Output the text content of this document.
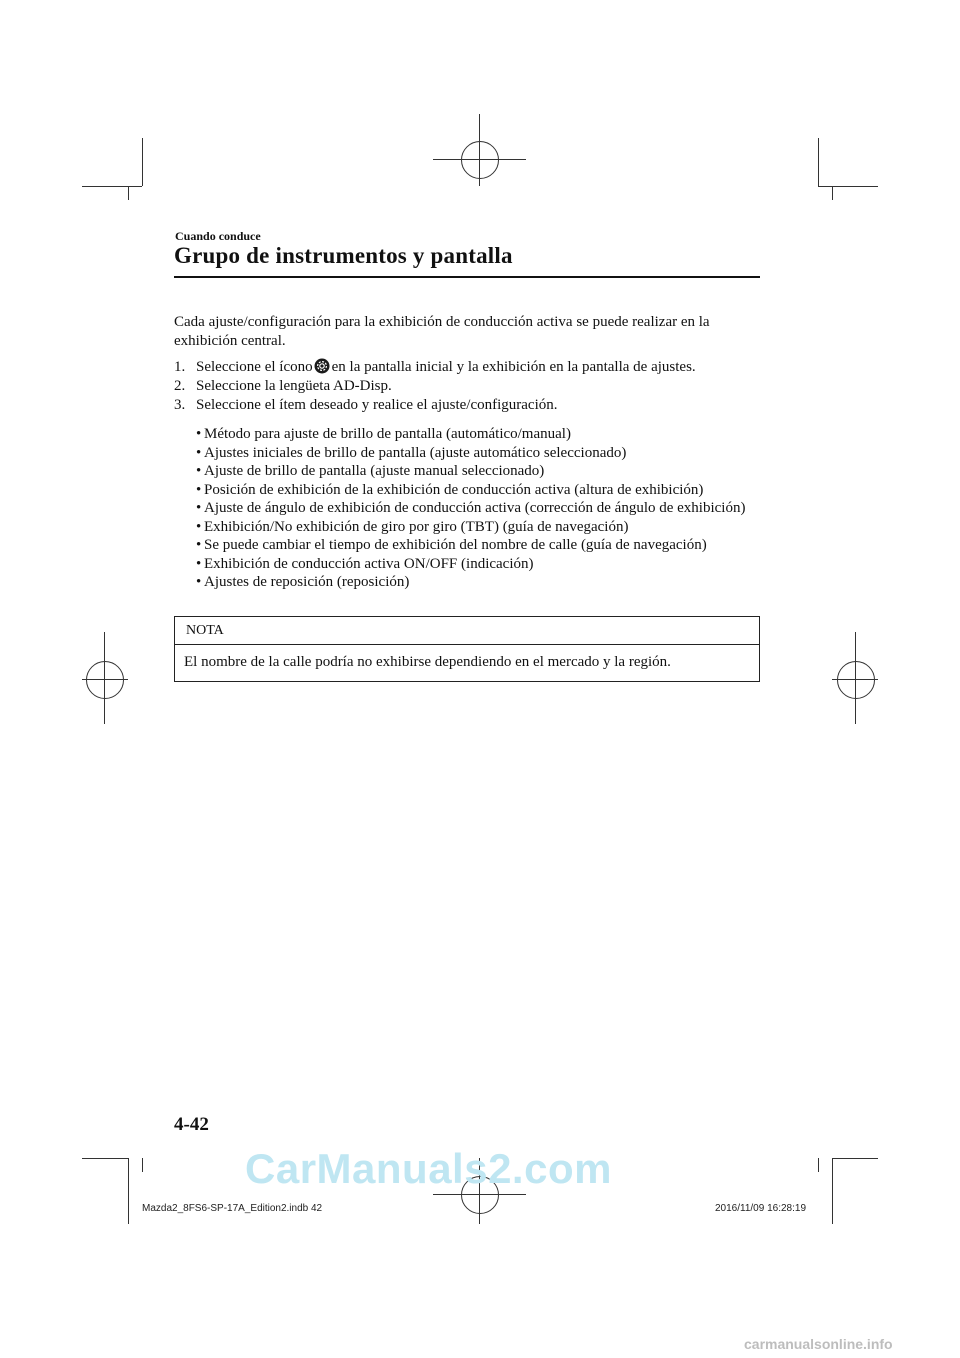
Cuando conduce
Grupo de instrumentos y pantalla
Cada ajuste/configuración para la exhibición de conducción activa se puede realizar en la exhibición central.
1. Seleccione el ícono en la pantalla inicial y la exhibición en la pantalla de ajustes.
2. Seleccione la lengüeta AD-Disp.
3. Seleccione el ítem deseado y realice el ajuste/configuración.
• Método para ajuste de brillo de pantalla (automático/manual)
• Ajustes iniciales de brillo de pantalla (ajuste automático seleccionado)
• Ajuste de brillo de pantalla (ajuste manual seleccionado)
• Posición de exhibición de la exhibición de conducción activa (altura de exhibición)
• Ajuste de ángulo de exhibición de conducción activa (corrección de ángulo de exhibición)
• Exhibición/No exhibición de giro por giro (TBT) (guía de navegación)
• Se puede cambiar el tiempo de exhibición del nombre de calle (guía de navegación)
• Exhibición de conducción activa ON/OFF (indicación)
• Ajustes de reposición (reposición)
NOTA
El nombre de la calle podría no exhibirse dependiendo en el mercado y la región.
4-42
CarManuals2.com
Mazda2_8FS6-SP-17A_Edition2.indb 42	2016/11/09 16:28:19
carmanualsonline.info
